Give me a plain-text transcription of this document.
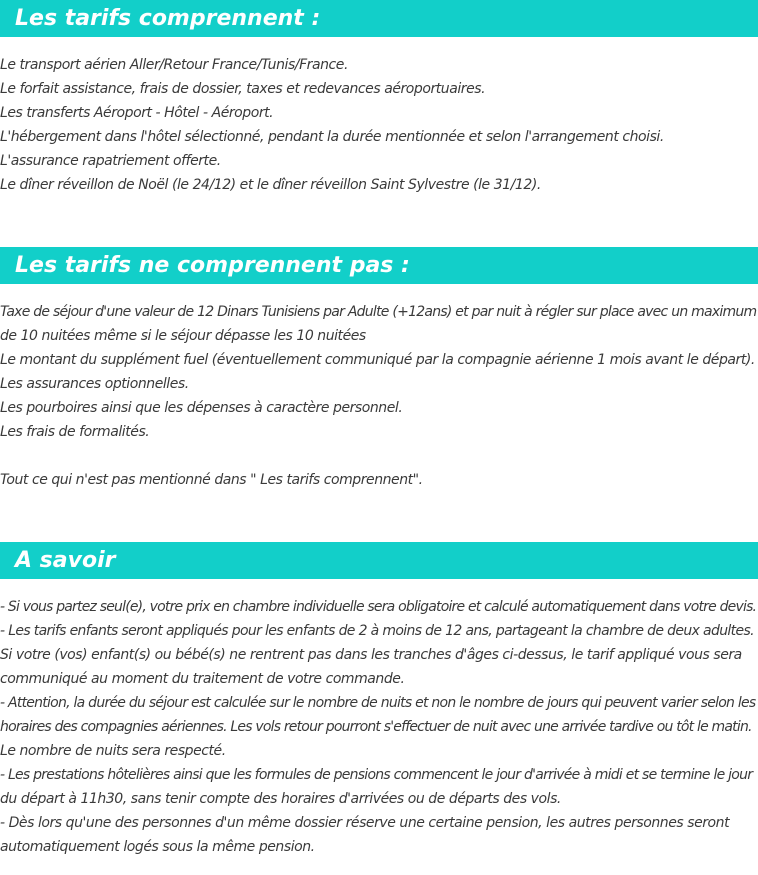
Les tarifs comprennent :
Le transport aérien Aller/Retour France/Tunis/France.
Le forfait assistance, frais de dossier, taxes et redevances aéroportuaires.
Les transferts Aéroport - Hôtel - Aéroport.
L'hébergement dans l'hôtel sélectionné, pendant la durée mentionnée et selon l'arrangement choisi.
L'assurance rapatriement offerte.
Le dîner réveillon de Noël (le 24/12) et le dîner réveillon Saint Sylvestre (le 31/12).
Les tarifs ne comprennent pas :
Taxe de séjour d'une valeur de 12 Dinars Tunisiens par Adulte (+12ans) et par nuit à régler sur place avec un maximum
de 10 nuitées même si le séjour dépasse les 10 nuitées
Le montant du supplément fuel (éventuellement communiqué par la compagnie aérienne 1 mois avant le départ).
Les assurances optionnelles.
Les pourboires ainsi que les dépenses à caractère personnel.
Les frais de formalités.
Tout ce qui n'est pas mentionné dans " Les tarifs comprennent".
A savoir
- Si vous partez seul(e), votre prix en chambre individuelle sera obligatoire et calculé automatiquement dans votre devis.
- Les tarifs enfants seront appliqués pour les enfants de 2 à moins de 12 ans, partageant la chambre de deux adultes.
Si votre (vos) enfant(s) ou bébé(s) ne rentrent pas dans les tranches d'âges ci-dessus, le tarif appliqué vous sera
communiqué au moment du traitement de votre commande.
- Attention, la durée du séjour est calculée sur le nombre de nuits et non le nombre de jours qui peuvent varier selon les
horaires des compagnies aériennes. Les vols retour pourront s'effectuer de nuit avec une arrivée tardive ou tôt le matin.
Le nombre de nuits sera respecté.
- Les prestations hôtelières ainsi que les formules de pensions commencent le jour d'arrivée à midi et se termine le jour
du départ à 11h30, sans tenir compte des horaires d'arrivées ou de départs des vols.
- Dès lors qu'une des personnes d'un même dossier réserve une certaine pension, les autres personnes seront
automatiquement logés sous la même pension.
